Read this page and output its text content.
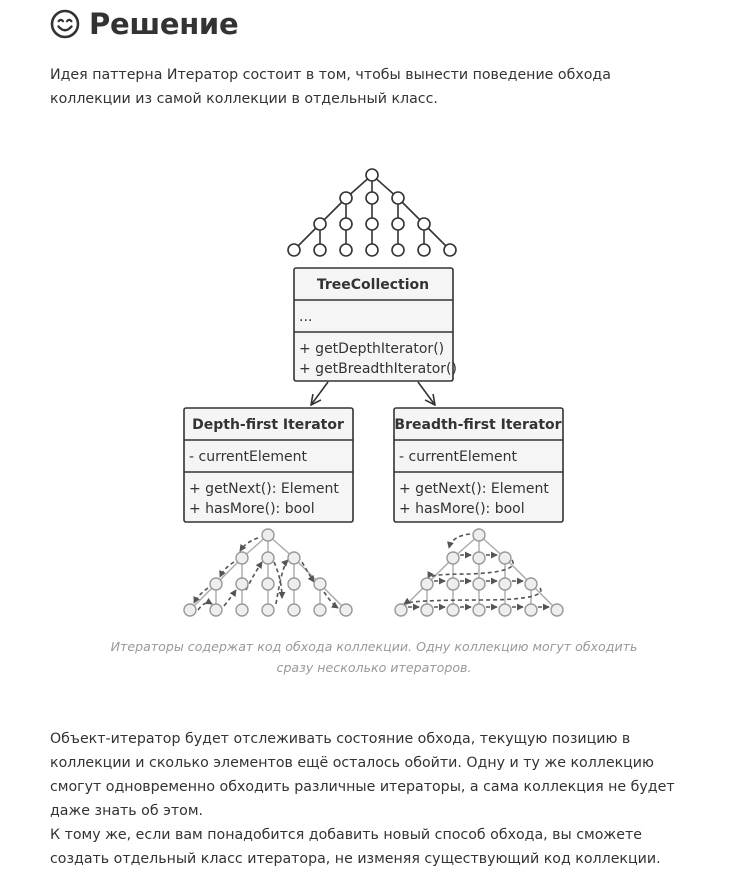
Решение

Идея паттерна Итератор состоит в том, чтобы вынести поведение обхода коллекции из самой коллекции в отдельный класс.

TreeCollection
...
+ getDepthIterator()
+ getBreadthIterator()
Depth-first Iterator
- currentElement
+ getNext(): Element
+ hasMore(): bool
Breadth-first Iterator
- currentElement
+ getNext(): Element
+ hasMore(): bool
Итераторы содержат код обхода коллекции. Одну коллекцию могут обходить сразу несколько итераторов.

Объект-итератор будет отслеживать состояние обхода, текущую позицию в коллекции и сколько элементов ещё осталось обойти. Одну и ту же коллекцию смогут одновременно обходить различные итераторы, а сама коллекция не будет даже знать об этом.

К тому же, если вам понадобится добавить новый способ обхода, вы сможете создать отдельный класс итератора, не изменяя существующий код коллекции.
